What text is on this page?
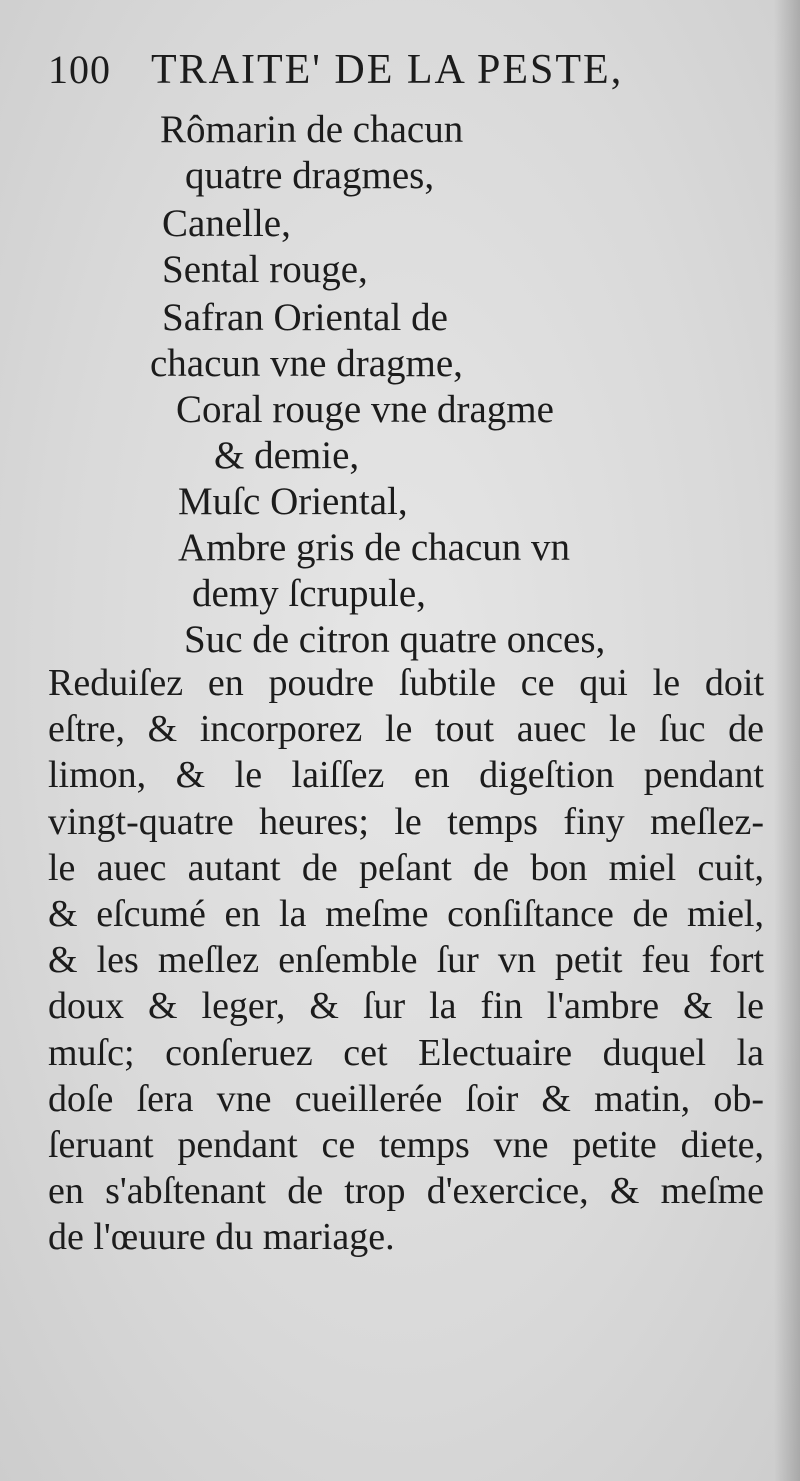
100 TRAITE' DE LA PESTE,
Rômarin de chacun
quatre dragmes,
Canelle,
Sental rouge,
Safran Oriental de
chacun vne dragme,
Coral rouge vne dragme
& demie,
Muſc Oriental,
Ambre gris de chacun vn
demy ſcrupule,
Suc de citron quatre onces,
Reduiſez en poudre ſubtile ce qui le doit
eſtre, & incorporez le tout auec le ſuc de
limon, & le laiſſez en digeſtion pendant
vingt-quatre heures; le temps finy meſlez-
le auec autant de peſant de bon miel cuit,
& eſcumé en la meſme conſiſtance de miel,
& les meſlez enſemble ſur vn petit feu fort
doux & leger, & ſur la fin l'ambre & le
muſc; conſeruez cet Electuaire duquel la
doſe ſera vne cueillerée ſoir & matin, ob-
ſeruant pendant ce temps vne petite diete,
en s'abſtenant de trop d'exercice, & meſme
de l'œuure du mariage.
